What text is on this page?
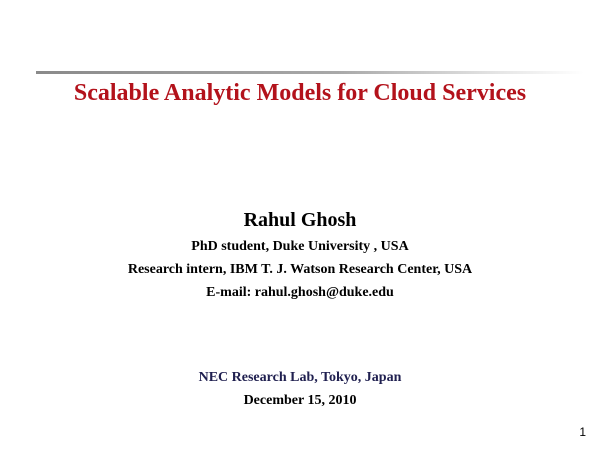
Scalable Analytic Models for Cloud Services
Rahul Ghosh
PhD student, Duke University , USA
Research intern, IBM T. J. Watson Research Center, USA
E-mail: rahul.ghosh@duke.edu
NEC Research Lab, Tokyo, Japan
December 15, 2010
1
